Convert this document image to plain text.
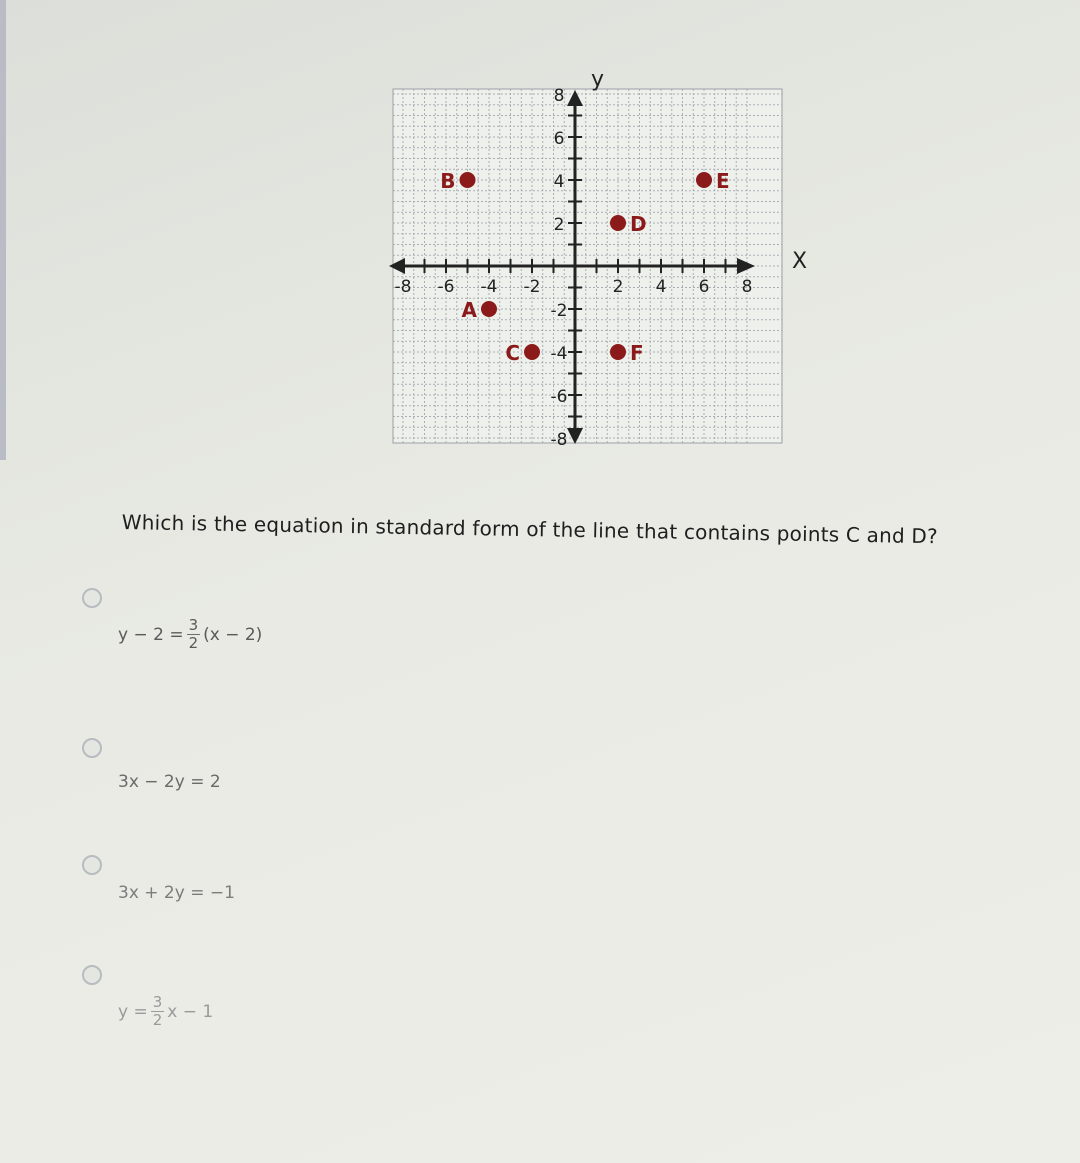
-8 -6 -4 -2	2 4 6 8
8
6
4
2
-2
-4
-6
-8
X
y
B	E
D
A
C	F
Which is the equation in standard form of the line that contains points C and D?
$y - 2 = \frac{3}{2} (x - 2)$
3x − 2y = 2
3x + 2y = −1
$y = \frac{3}{2}$ x − 1
